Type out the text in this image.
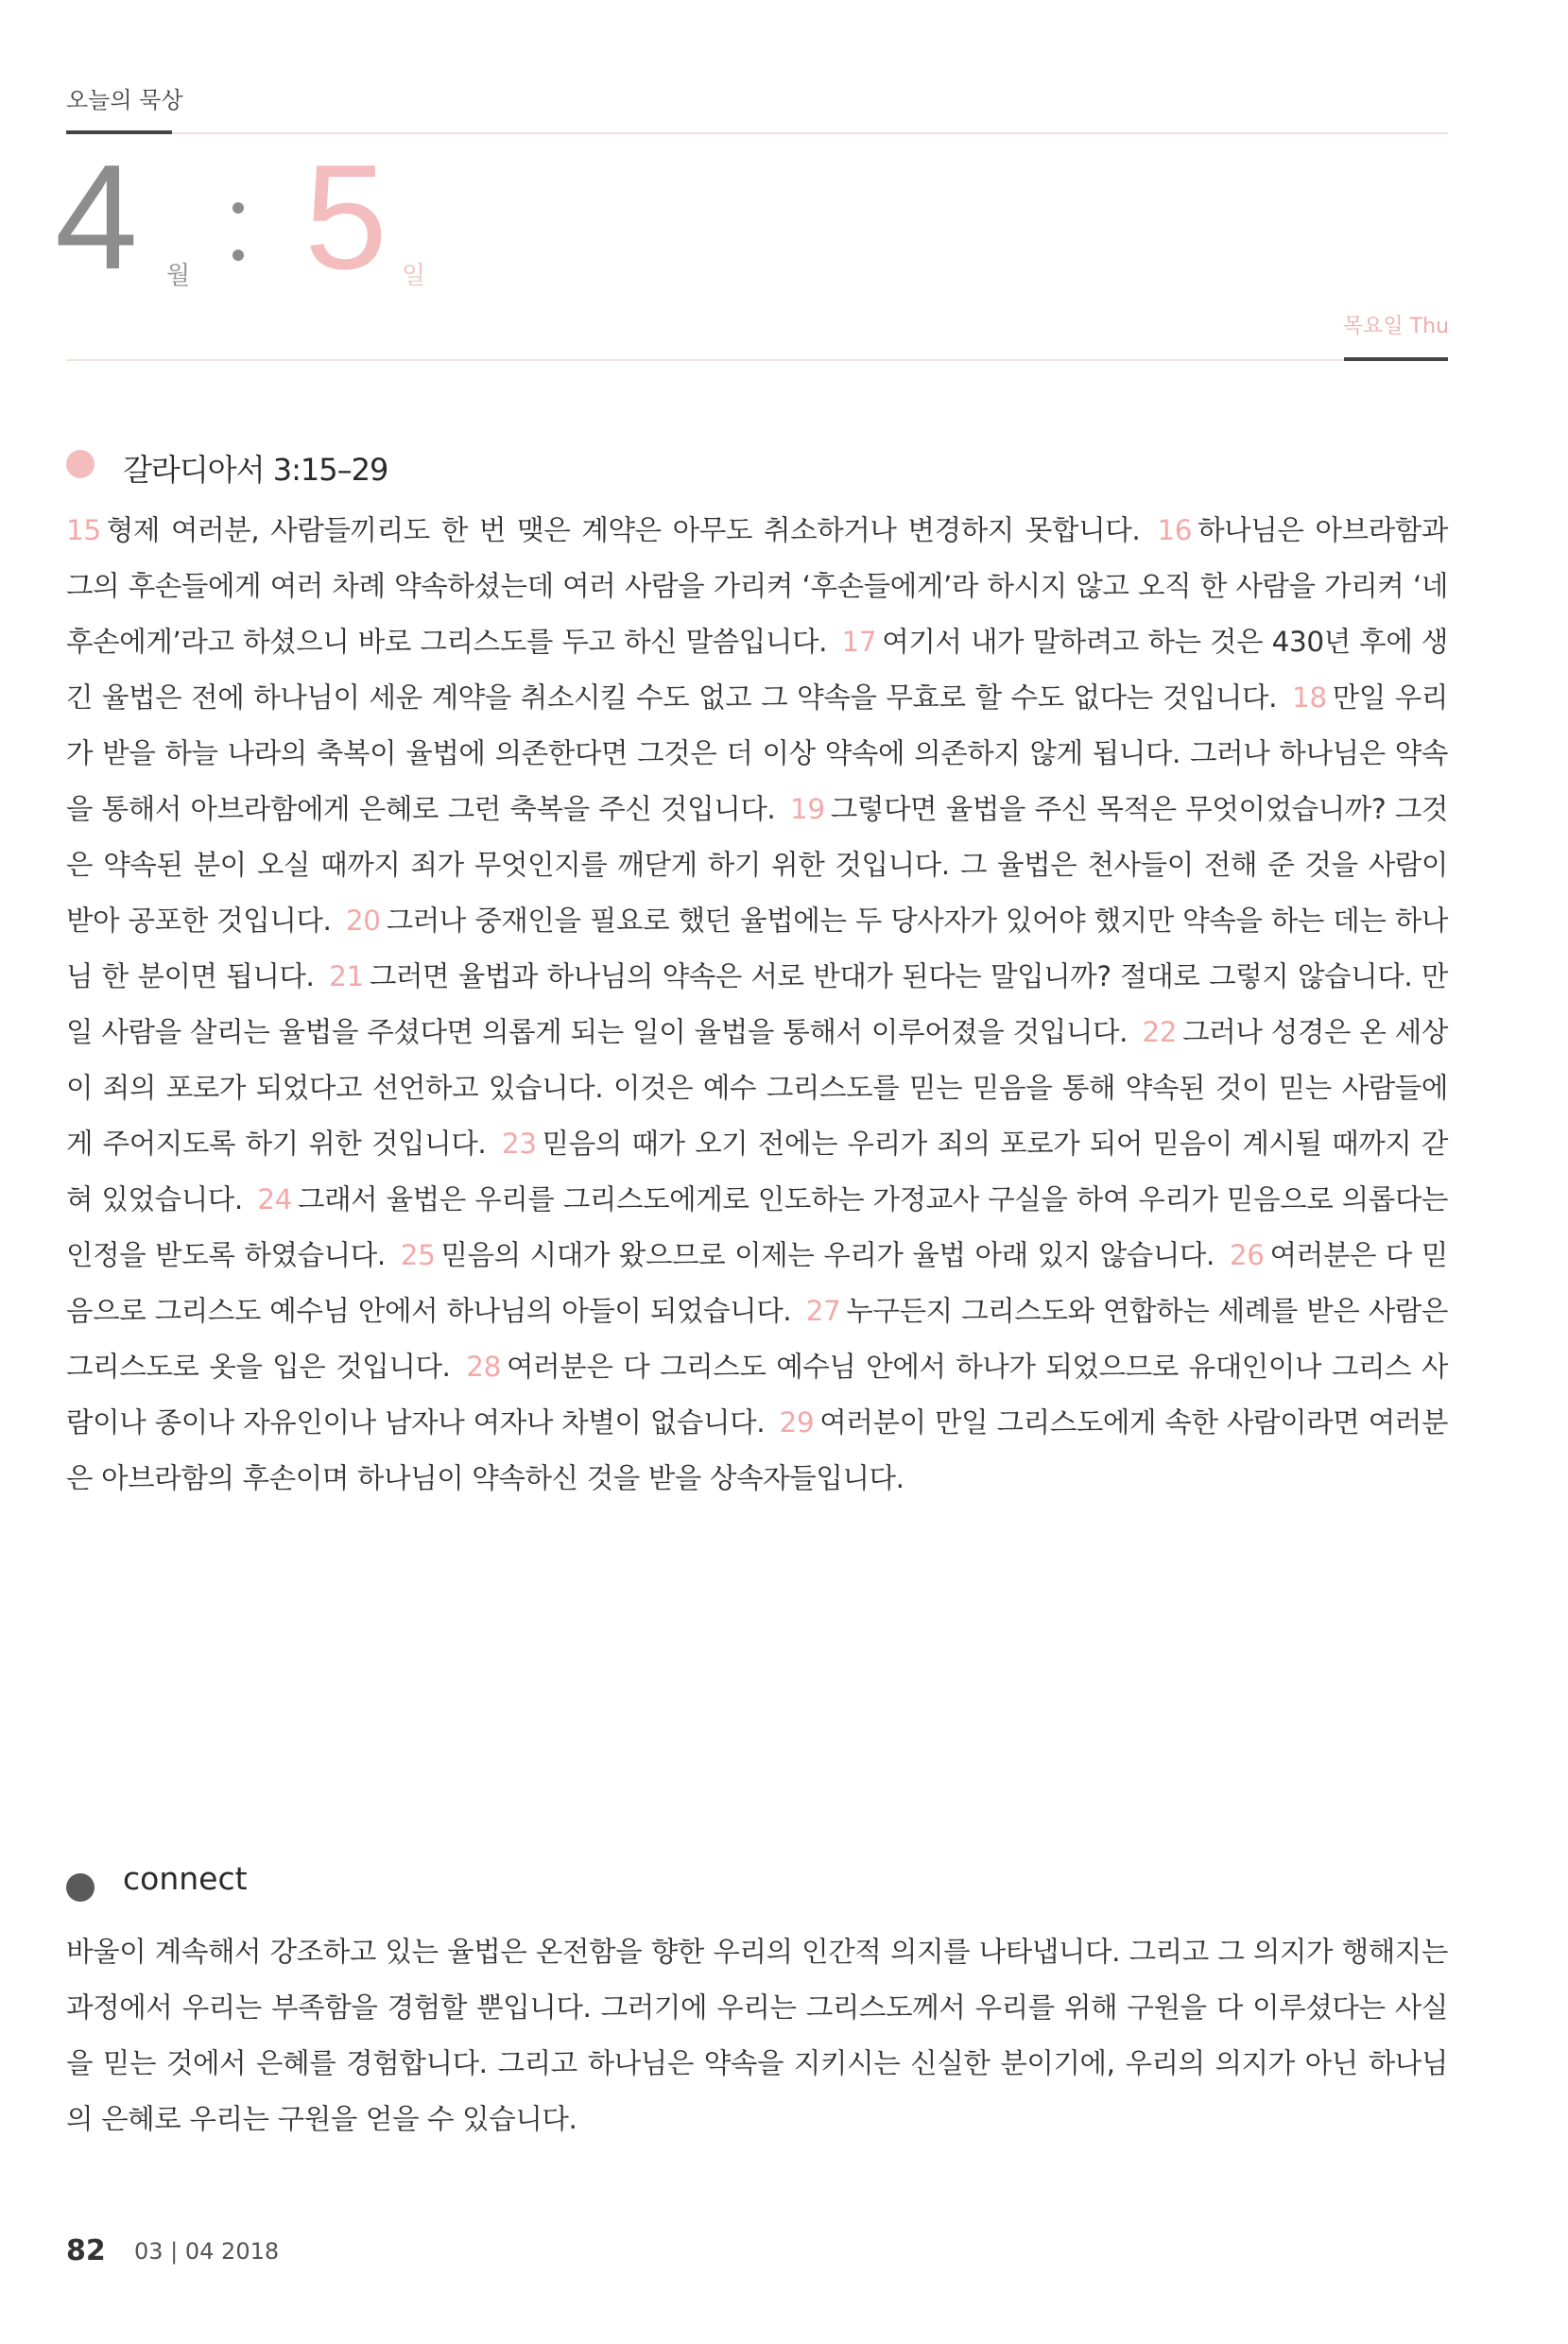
오늘의 묵상
4 월 5 일
목요일 Thu
갈라디아서 3:15–29
15 형제 여러분, 사람들끼리도 한 번 맺은 계약은 아무도 취소하거나 변경하지 못합니다. 16 하나님은 아브라함과 그의 후손들에게 여러 차례 약속하셨는데 여러 사람을 가리켜 ‘후손들에게’라 하시지 않고 오직 한 사람을 가리켜 ‘네 후손에게’라고 하셨으니 바로 그리스도를 두고 하신 말씀입니다. 17 여기서 내가 말하려고 하는 것은 430년 후에 생긴 율법은 전에 하나님이 세운 계약을 취소시킬 수도 없고 그 약속을 무효로 할 수도 없다는 것입니다. 18 만일 우리가 받을 하늘 나라의 축복이 율법에 의존한다면 그것은 더 이상 약속에 의존하지 않게 됩니다. 그러나 하나님은 약속을 통해서 아브라함에게 은혜로 그런 축복을 주신 것입니다. 19 그렇다면 율법을 주신 목적은 무엇이었습니까? 그것은 약속된 분이 오실 때까지 죄가 무엇인지를 깨닫게 하기 위한 것입니다. 그 율법은 천사들이 전해 준 것을 사람이 받아 공포한 것입니다. 20 그러나 중재인을 필요로 했던 율법에는 두 당사자가 있어야 했지만 약속을 하는 데는 하나님 한 분이면 됩니다. 21 그러면 율법과 하나님의 약속은 서로 반대가 된다는 말입니까? 절대로 그렇지 않습니다. 만일 사람을 살리는 율법을 주셨다면 의롭게 되는 일이 율법을 통해서 이루어졌을 것입니다. 22 그러나 성경은 온 세상이 죄의 포로가 되었다고 선언하고 있습니다. 이것은 예수 그리스도를 믿는 믿음을 통해 약속된 것이 믿는 사람들에게 주어지도록 하기 위한 것입니다. 23 믿음의 때가 오기 전에는 우리가 죄의 포로가 되어 믿음이 계시될 때까지 갇혀 있었습니다. 24 그래서 율법은 우리를 그리스도에게로 인도하는 가정교사 구실을 하여 우리가 믿음으로 의롭다는 인정을 받도록 하였습니다. 25 믿음의 시대가 왔으므로 이제는 우리가 율법 아래 있지 않습니다. 26 여러분은 다 믿음으로 그리스도 예수님 안에서 하나님의 아들이 되었습니다. 27 누구든지 그리스도와 연합하는 세례를 받은 사람은 그리스도로 옷을 입은 것입니다. 28 여러분은 다 그리스도 예수님 안에서 하나가 되었으므로 유대인이나 그리스 사람이나 종이나 자유인이나 남자나 여자나 차별이 없습니다. 29 여러분이 만일 그리스도에게 속한 사람이라면 여러분은 아브라함의 후손이며 하나님이 약속하신 것을 받을 상속자들입니다.
connect
바울이 계속해서 강조하고 있는 율법은 온전함을 향한 우리의 인간적 의지를 나타냅니다. 그리고 그 의지가 행해지는 과정에서 우리는 부족함을 경험할 뿐입니다. 그러기에 우리는 그리스도께서 우리를 위해 구원을 다 이루셨다는 사실을 믿는 것에서 은혜를 경험합니다. 그리고 하나님은 약속을 지키시는 신실한 분이기에, 우리의 의지가 아닌 하나님의 은혜로 우리는 구원을 얻을 수 있습니다.
82 03 | 04 2018
